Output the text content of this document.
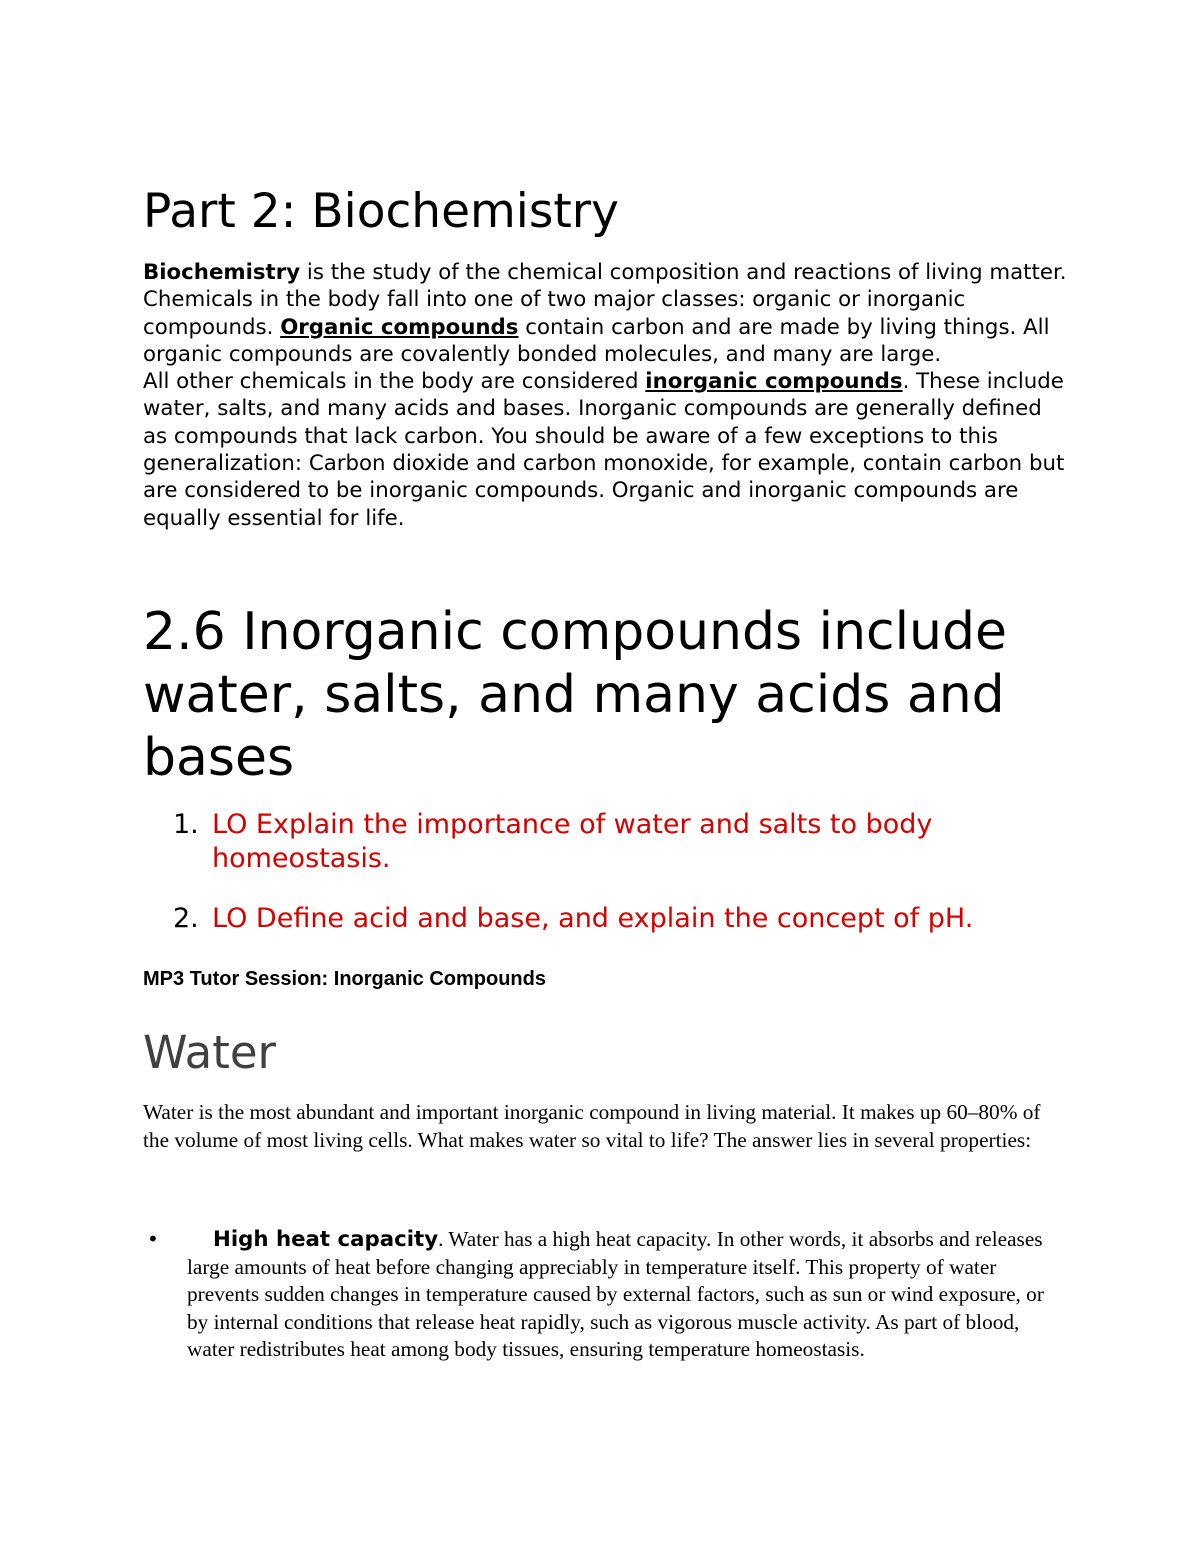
Part 2: Biochemistry

Biochemistry is the study of the chemical composition and reactions of living matter. Chemicals in the body fall into one of two major classes: organic or inorganic compounds. Organic compounds contain carbon and are made by living things. All organic compounds are covalently bonded molecules, and many are large.

All other chemicals in the body are considered inorganic compounds. These include water, salts, and many acids and bases. Inorganic compounds are generally defined as compounds that lack carbon. You should be aware of a few exceptions to this generalization: Carbon dioxide and carbon monoxide, for example, contain carbon but are considered to be inorganic compounds. Organic and inorganic compounds are equally essential for life.

2.6 Inorganic compounds include water, salts, and many acids and bases
1. LO Explain the importance of water and salts to body homeostasis.
2. LO Define acid and base, and explain the concept of pH.

MP3 Tutor Session: Inorganic Compounds

Water

Water is the most abundant and important inorganic compound in living material. It makes up 60–80% of the volume of most living cells. What makes water so vital to life? The answer lies in several properties:

•	High heat capacity. Water has a high heat capacity. In other words, it absorbs and releases large amounts of heat before changing appreciably in temperature itself. This property of water prevents sudden changes in temperature caused by external factors, such as sun or wind exposure, or by internal conditions that release heat rapidly, such as vigorous muscle activity. As part of blood, water redistributes heat among body tissues, ensuring temperature homeostasis.
